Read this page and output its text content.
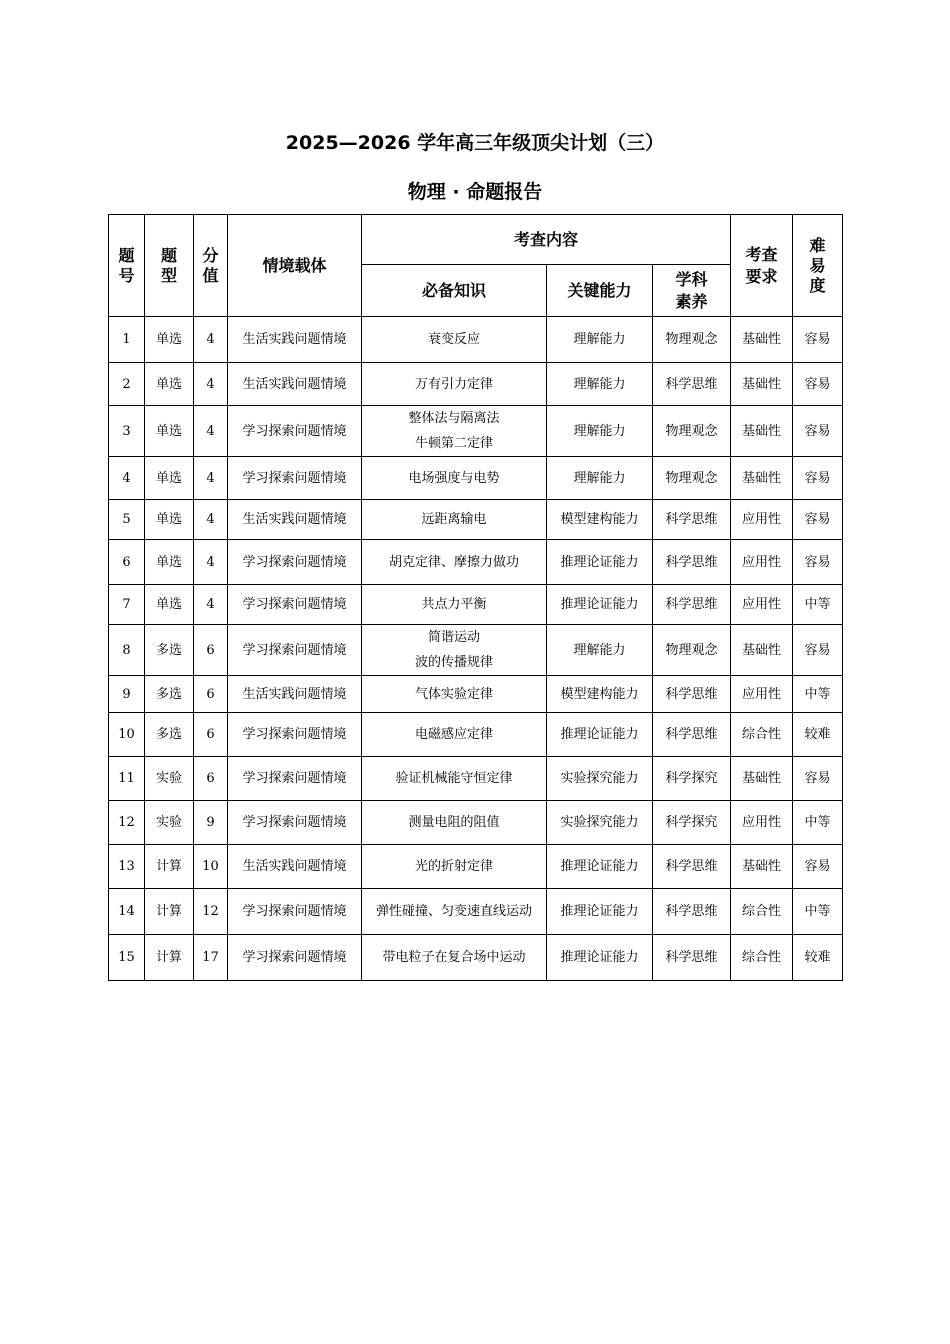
2025—2026 学年高三年级顶尖计划（三）
物理 · 命题报告
题号	题型	分值	情境载体	考查内容			考查要求	难易度
				必备知识	关键能力	学科素养		
1	单选	4	生活实践问题情境	衰变反应	理解能力	物理观念	基础性	容易
2	单选	4	生活实践问题情境	万有引力定律	理解能力	科学思维	基础性	容易
3	单选	4	学习探索问题情境	整体法与隔离法
牛顿第二定律	理解能力	物理观念	基础性	容易
4	单选	4	学习探索问题情境	电场强度与电势	理解能力	物理观念	基础性	容易
5	单选	4	生活实践问题情境	远距离输电	模型建构能力	科学思维	应用性	容易
6	单选	4	学习探索问题情境	胡克定律、摩擦力做功	推理论证能力	科学思维	应用性	容易
7	单选	4	学习探索问题情境	共点力平衡	推理论证能力	科学思维	应用性	中等
8	多选	6	学习探索问题情境	简谐运动
波的传播规律	理解能力	物理观念	基础性	容易
9	多选	6	生活实践问题情境	气体实验定律	模型建构能力	科学思维	应用性	中等
10	多选	6	学习探索问题情境	电磁感应定律	推理论证能力	科学思维	综合性	较难
11	实验	6	学习探索问题情境	验证机械能守恒定律	实验探究能力	科学探究	基础性	容易
12	实验	9	学习探索问题情境	测量电阻的阻值	实验探究能力	科学探究	应用性	中等
13	计算	10	生活实践问题情境	光的折射定律	推理论证能力	科学思维	基础性	容易
14	计算	12	学习探索问题情境	弹性碰撞、匀变速直线运动	推理论证能力	科学思维	综合性	中等
15	计算	17	学习探索问题情境	带电粒子在复合场中运动	推理论证能力	科学思维	综合性	较难
